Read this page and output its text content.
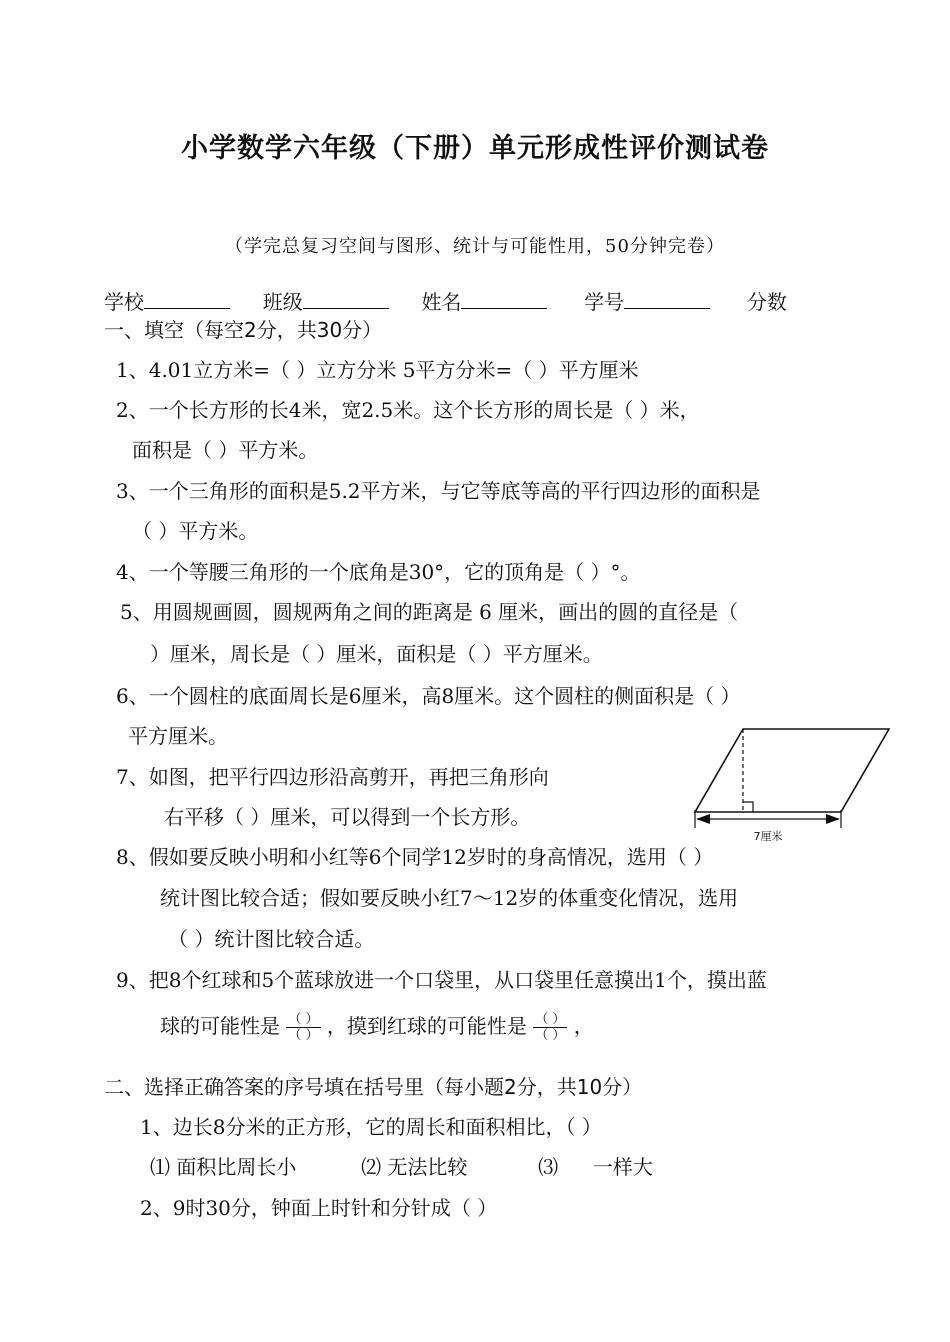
小学数学六年级（下册）单元形成性评价测试卷
（学完总复习空间与图形、统计与可能性用，50分钟完卷）
学校	班级	姓名	学号	分数
一、填空（每空2分，共30分）
1、4.01立方米=（ ）立方分米 5平方分米=（ ）平方厘米
2、一个长方形的长4米，宽2.5米。这个长方形的周长是（ ）米，
面积是（ ）平方米。
3、一个三角形的面积是5.2平方米，与它等底等高的平行四边形的面积是
（ ）平方米。
4、一个等腰三角形的一个底角是30°，它的顶角是（ ）°。
5、用圆规画圆，圆规两角之间的距离是 6 厘米，画出的圆的直径是（
）厘米，周长是（ ）厘米，面积是（ ）平方厘米。
6、一个圆柱的底面周长是6厘米，高8厘米。这个圆柱的侧面积是（ ）
平方厘米。
7、如图，把平行四边形沿高剪开，再把三角形向
右平移（ ）厘米，可以得到一个长方形。
7厘米
8、假如要反映小明和小红等6个同学12岁时的身高情况，选用（ ）
统计图比较合适；假如要反映小红7～12岁的体重变化情况，选用
（ ）统计图比较合适。
9、把8个红球和5个蓝球放进一个口袋里，从口袋里任意摸出1个，摸出蓝
球的可能性是 $\frac{( )}{( )}$ ，摸到红球的可能性是 $\frac{( )}{( )}$ ，
二、选择正确答案的序号填在括号里（每小题2分，共10分）
1、边长8分米的正方形，它的周长和面积相比，（ ）
⑴ 面积比周长小	⑵ 无法比较	⑶ 一样大
2、9时30分，钟面上时针和分针成（ ）
